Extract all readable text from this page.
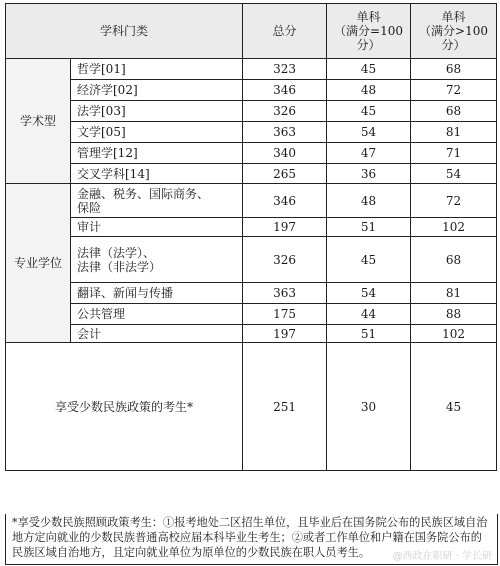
学科门类		总分	单科
（满分=100
分）	单科
（满分>100
分）
学术型	哲学[01]	323	45	68
	经济学[02]	346	48	72
	法学[03]	326	45	68
	文学[05]	363	54	81
	管理学[12]	340	47	71
	交叉学科[14]	265	36	54
专业学位	金融、税务、国际商务、
保险	346	48	72
	审计	197	51	102
	法律（法学）、
法律（非法学）	326	45	68
	翻译、新闻与传播	363	54	81
	公共管理	175	44	88
	会计	197	51	102
享受少数民族政策的考生*		251	30	45
*享受少数民族照顾政策考生：①报考地处二区招生单位，且毕业后在国务院公布的民族区域自治地方定向就业的少数民族普通高校应届本科毕业生考生；②或者工作单位和户籍在国务院公布的民族区域自治地方，且定向就业单位为原单位的少数民族在职人员考生。	@西政在职研 · 学长研
